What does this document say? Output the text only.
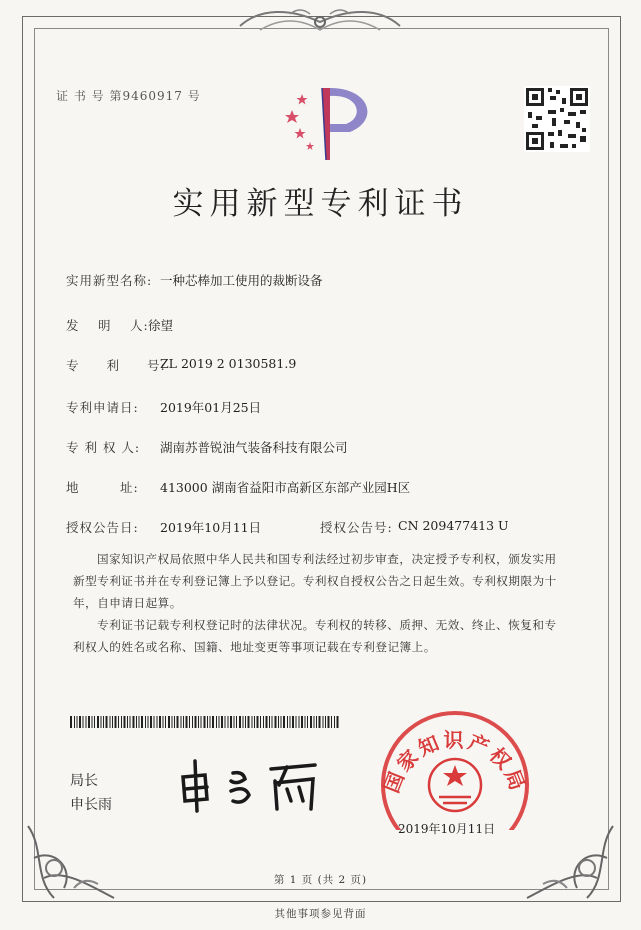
证 书 号 第9460917 号
实用新型专利证书
实用新型名称: 一种芯棒加工使用的裁断设备
发　 明　 人: 徐望
专　　利　　号:
ZL 2019 2 0130581.9
专利申请日: 2019年01月25日
专 利 权 人: 湖南苏普锐油气装备科技有限公司
地　　　址: 413000 湖南省益阳市高新区东部产业园H区
授权公告日: 2019年10月11日	授权公告号: CN 209477413 U
国家知识产权局依照中华人民共和国专利法经过初步审查，决定授予专利权，颁发实用新型专利证书并在专利登记簿上予以登记。专利权自授权公告之日起生效。专利权期限为十年，自申请日起算。
专利证书记载专利权登记时的法律状况。专利权的转移、质押、无效、终止、恢复和专利权人的姓名或名称、国籍、地址变更等事项记载在专利登记簿上。
局长
申长雨
国家知识产权局
2019年10月11日
第 1 页 (共 2 页)
其他事项参见背面
